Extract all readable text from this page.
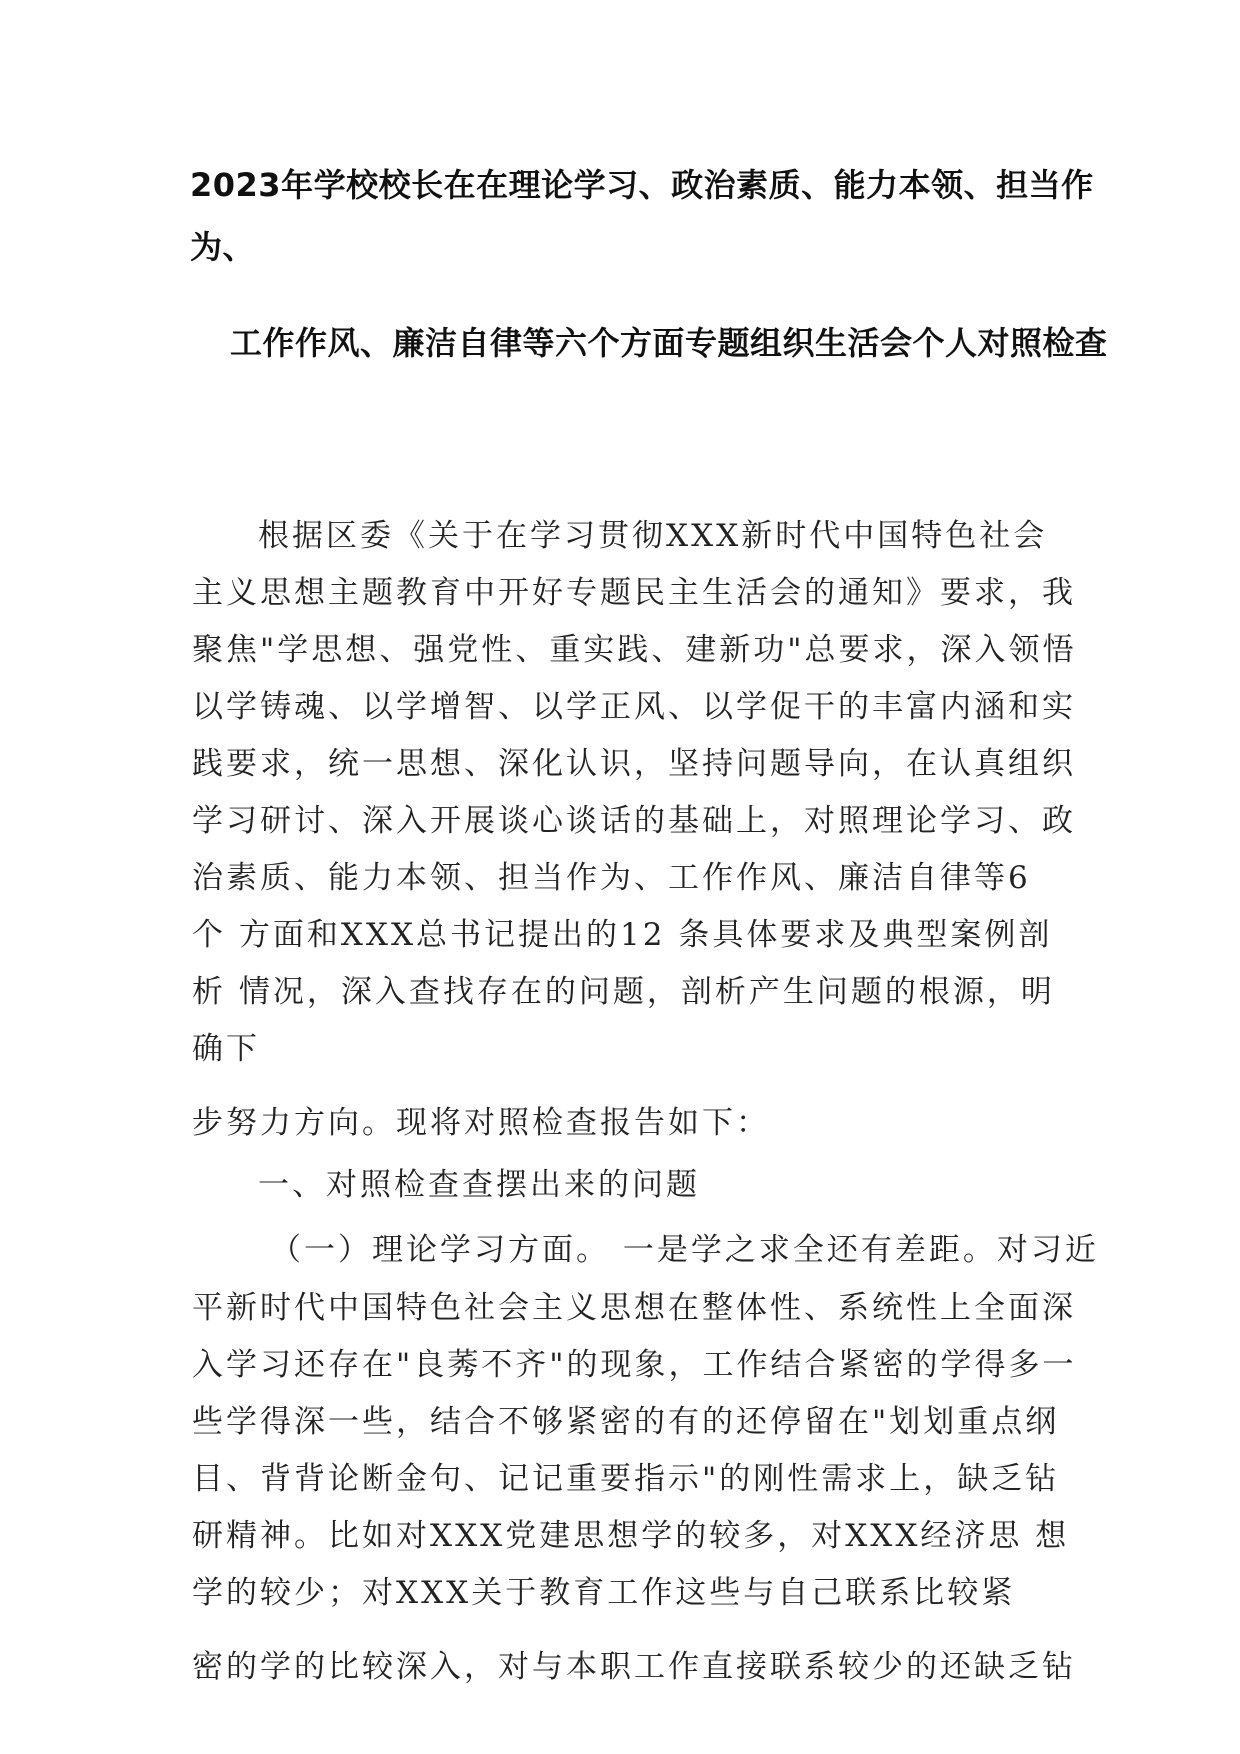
2023年学校校长在在理论学习、政治素质、能力本领、担当作
为、
工作作风、廉洁自律等六个方面专题组织生活会个人对照检查
根据区委《关于在学习贯彻XXX新时代中国特色社会
主义思想主题教育中开好专题民主生活会的通知》要求，我
聚焦"学思想、强党性、重实践、建新功"总要求，深入领悟
以学铸魂、以学增智、以学正风、以学促干的丰富内涵和实
践要求，统一思想、深化认识，坚持问题导向，在认真组织
学习研讨、深入开展谈心谈话的基础上，对照理论学习、政
治素质、能力本领、担当作为、工作作风、廉洁自律等6
个 方面和XXX总书记提出的12 条具体要求及典型案例剖
析 情况，深入查找存在的问题，剖析产生问题的根源，明
确下
步努力方向。现将对照检查报告如下：
一、对照检查查摆出来的问题
（一）理论学习方面。 一是学之求全还有差距。对习近
平新时代中国特色社会主义思想在整体性、系统性上全面深
入学习还存在"良莠不齐"的现象，工作结合紧密的学得多一
些学得深一些，结合不够紧密的有的还停留在"划划重点纲
目、背背论断金句、记记重要指示"的刚性需求上，缺乏钻
研精神。比如对XXX党建思想学的较多，对XXX经济思 想
学的较少；对XXX关于教育工作这些与自己联系比较紧
密的学的比较深入，对与本职工作直接联系较少的还缺乏钻
